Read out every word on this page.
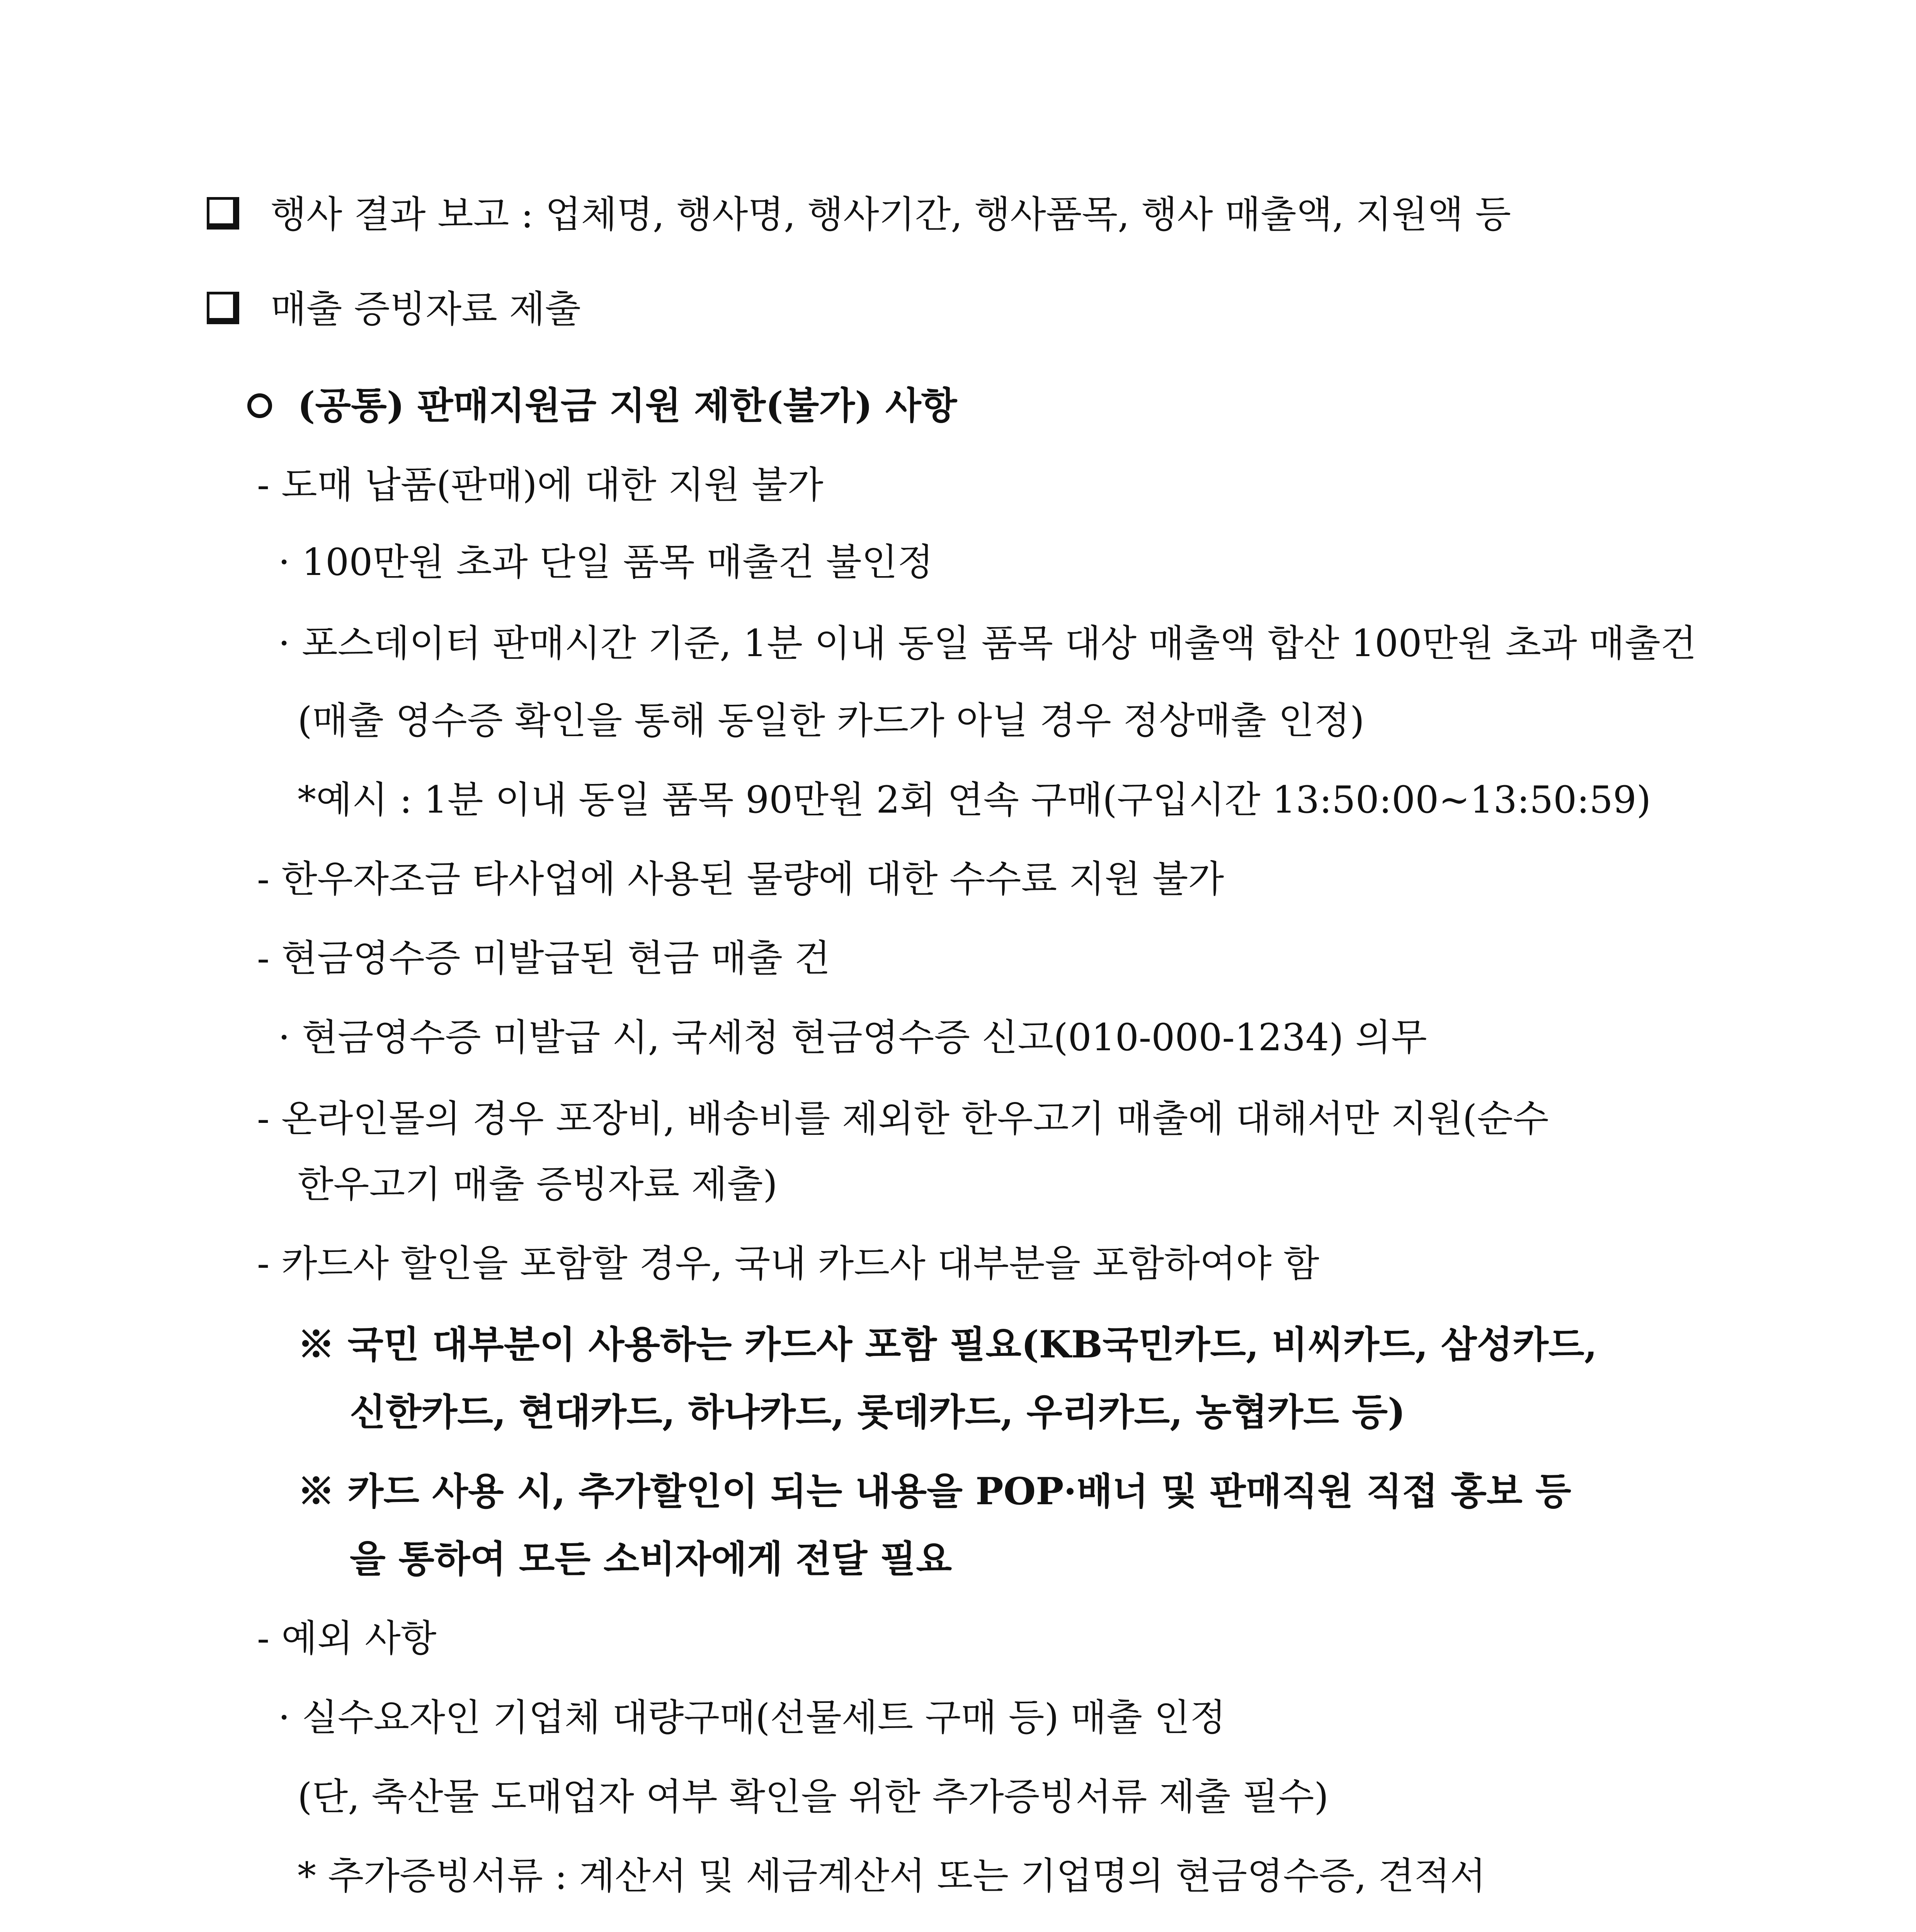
행사 결과 보고 : 업체명, 행사명, 행사기간, 행사품목, 행사 매출액, 지원액 등
매출 증빙자료 제출
(공통) 판매지원금 지원 제한(불가) 사항
- 도매 납품(판매)에 대한 지원 불가
· 100만원 초과 단일 품목 매출건 불인정
· 포스데이터 판매시간 기준, 1분 이내 동일 품목 대상 매출액 합산 100만원 초과 매출건
(매출 영수증 확인을 통해 동일한 카드가 아닐 경우 정상매출 인정)
*예시 : 1분 이내 동일 품목 90만원 2회 연속 구매(구입시간 13:50:00~13:50:59)
- 한우자조금 타사업에 사용된 물량에 대한 수수료 지원 불가
- 현금영수증 미발급된 현금 매출 건
· 현금영수증 미발급 시, 국세청 현금영수증 신고(010-000-1234) 의무
- 온라인몰의 경우 포장비, 배송비를 제외한 한우고기 매출에 대해서만 지원(순수
한우고기 매출 증빙자료 제출)
- 카드사 할인을 포함할 경우, 국내 카드사 대부분을 포함하여야 함
※ 국민 대부분이 사용하는 카드사 포함 필요(KB국민카드, 비씨카드, 삼성카드,
신한카드, 현대카드, 하나카드, 롯데카드, 우리카드, 농협카드 등)
※ 카드 사용 시, 추가할인이 되는 내용을 POP·배너 및 판매직원 직접 홍보 등
을 통하여 모든 소비자에게 전달 필요
- 예외 사항
· 실수요자인 기업체 대량구매(선물세트 구매 등) 매출 인정
(단, 축산물 도매업자 여부 확인을 위한 추가증빙서류 제출 필수)
* 추가증빙서류 : 계산서 및 세금계산서 또는 기업명의 현금영수증, 견적서
